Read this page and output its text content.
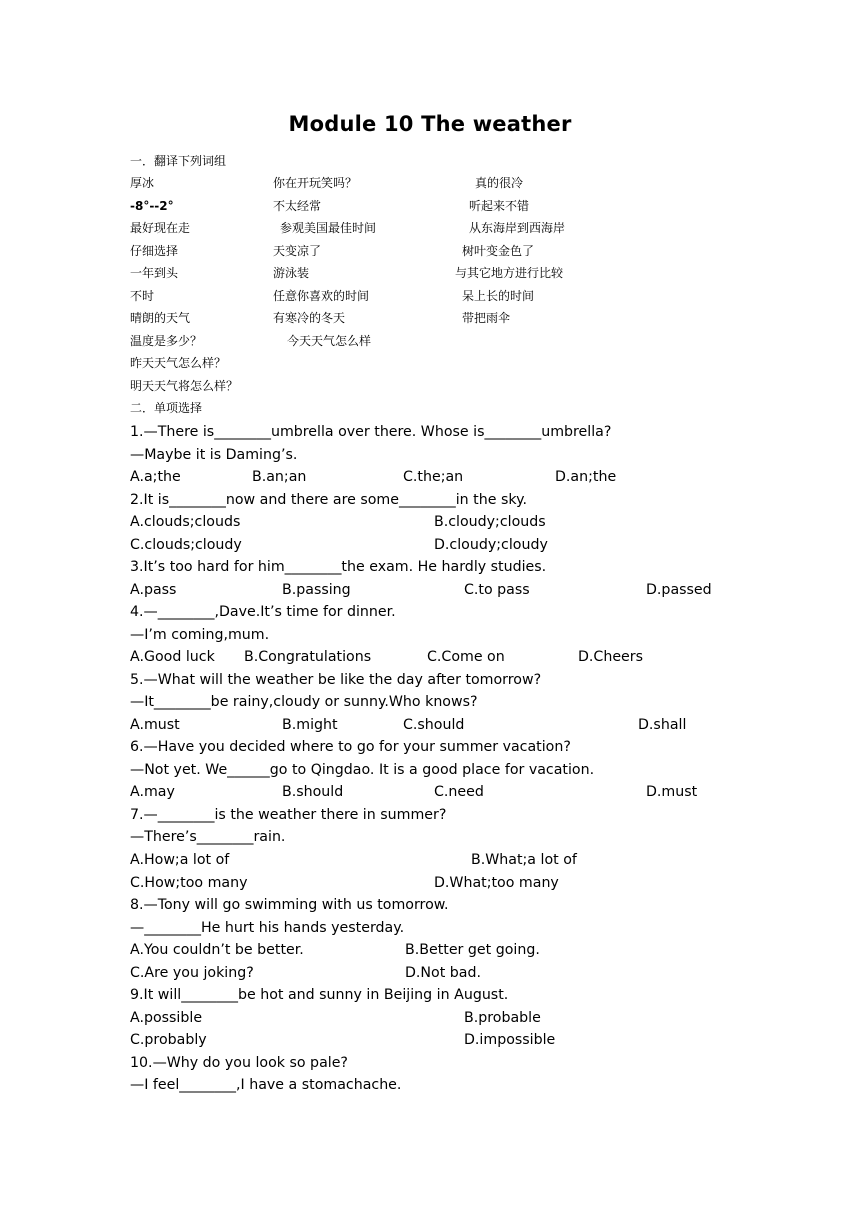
Module 10 The weather
一．翻译下列词组
厚冰	你在开玩笑吗？	真的很冷
-8°--2°	不太经常	听起来不错
最好现在走	参观美国最佳时间	从东海岸到西海岸
仔细选择	天变凉了	树叶变金色了
一年到头	游泳装	与其它地方进行比较
不时	任意你喜欢的时间	呆上长的时间
晴朗的天气	有寒冷的冬天	带把雨伞
温度是多少？	今天天气怎么样
昨天天气怎么样？
明天天气将怎么样？
二．单项选择
1.—There is________umbrella over there. Whose is________umbrella?
—Maybe it is Daming’s.
A.a;the	B.an;an	C.the;an	D.an;the
2.It is________now and there are some________in the sky.
A.clouds;clouds	B.cloudy;clouds
C.clouds;cloudy	D.cloudy;cloudy
3.It’s too hard for him________the exam. He hardly studies.
A.pass	B.passing	C.to pass	D.passed
4.—________,Dave.It’s time for dinner.
—I’m coming,mum.
A.Good luck B.Congratulations	C.Come on	D.Cheers
5.—What will the weather be like the day after tomorrow?
—It________be rainy,cloudy or sunny.Who knows?
A.must	B.might	C.should	D.shall
6.—Have you decided where to go for your summer vacation?
—Not yet. We______go to Qingdao. It is a good place for vacation.
A.may	B.should	C.need	D.must
7.—________is the weather there in summer?
—There’s________rain.
A.How;a lot of	B.What;a lot of
C.How;too many	D.What;too many
8.—Tony will go swimming with us tomorrow.
—________He hurt his hands yesterday.
A.You couldn’t be better.	B.Better get going.
C.Are you joking?	D.Not bad.
9.It will________be hot and sunny in Beijing in August.
A.possible	B.probable
C.probably	D.impossible
10.—Why do you look so pale?
—I feel________,I have a stomachache.
